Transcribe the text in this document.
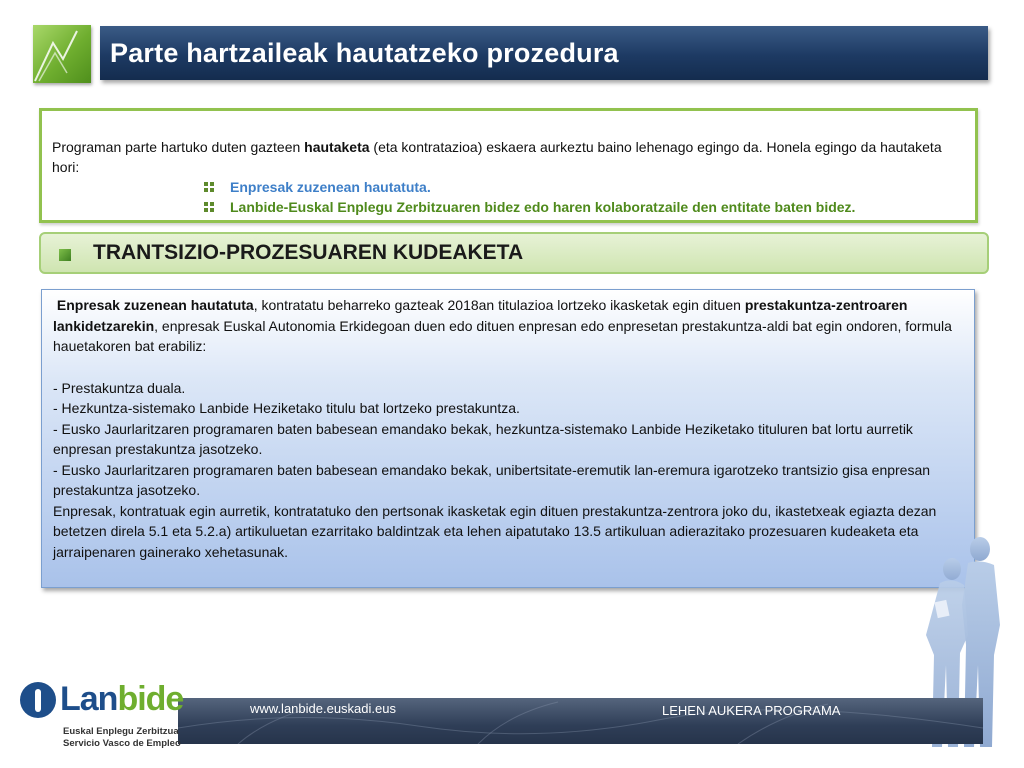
Parte hartzaileak hautatzeko prozedura
Programan parte hartuko duten gazteen hautaketa (eta kontratazioa) eskaera aurkeztu baino lehenago egingo da. Honela egingo da hautaketa hori:
Enpresak zuzenean hautatuta.
Lanbide-Euskal Enplegu Zerbitzuaren bidez edo haren kolaboratzaile den entitate baten bidez.
TRANTSIZIO-PROZESUAREN KUDEAKETA

Enpresak zuzenean hautatuta, kontratatu beharreko gazteak 2018an titulazioa lortzeko ikasketak egin dituen prestakuntza-zentroaren lankidetzarekin, enpresak Euskal Autonomia Erkidegoan duen edo dituen enpresan edo enpresetan prestakuntza-aldi bat egin ondoren, formula hauetakoren bat erabiliz:

- Prestakuntza duala.

- Hezkuntza-sistemako Lanbide Heziketako titulu bat lortzeko prestakuntza.

- Eusko Jaurlaritzaren programaren baten babesean emandako bekak, hezkuntza-sistemako Lanbide Heziketako tituluren bat lortu aurretik enpresan prestakuntza jasotzeko.

- Eusko Jaurlaritzaren programaren baten babesean emandako bekak, unibertsitate-eremutik lan-eremura igarotzeko trantsizio gisa enpresan prestakuntza jasotzeko.

Enpresak, kontratuak egin aurretik, kontratatuko den pertsonak ikasketak egin dituen prestakuntza-zentrora joko du, ikastetxeak egiazta dezan betetzen direla 5.1 eta 5.2.a) artikuluetan ezarritako baldintzak eta lehen aipatutako 13.5 artikuluan adierazitako prozesuaren kudeaketa eta jarraipenaren gainerako xehetasunak.

www.lanbide.euskadi.eus	LEHEN AUKERA PROGRAMA
Lanbide
Euskal Enplegu Zerbitzua
Servicio Vasco de Empleo
